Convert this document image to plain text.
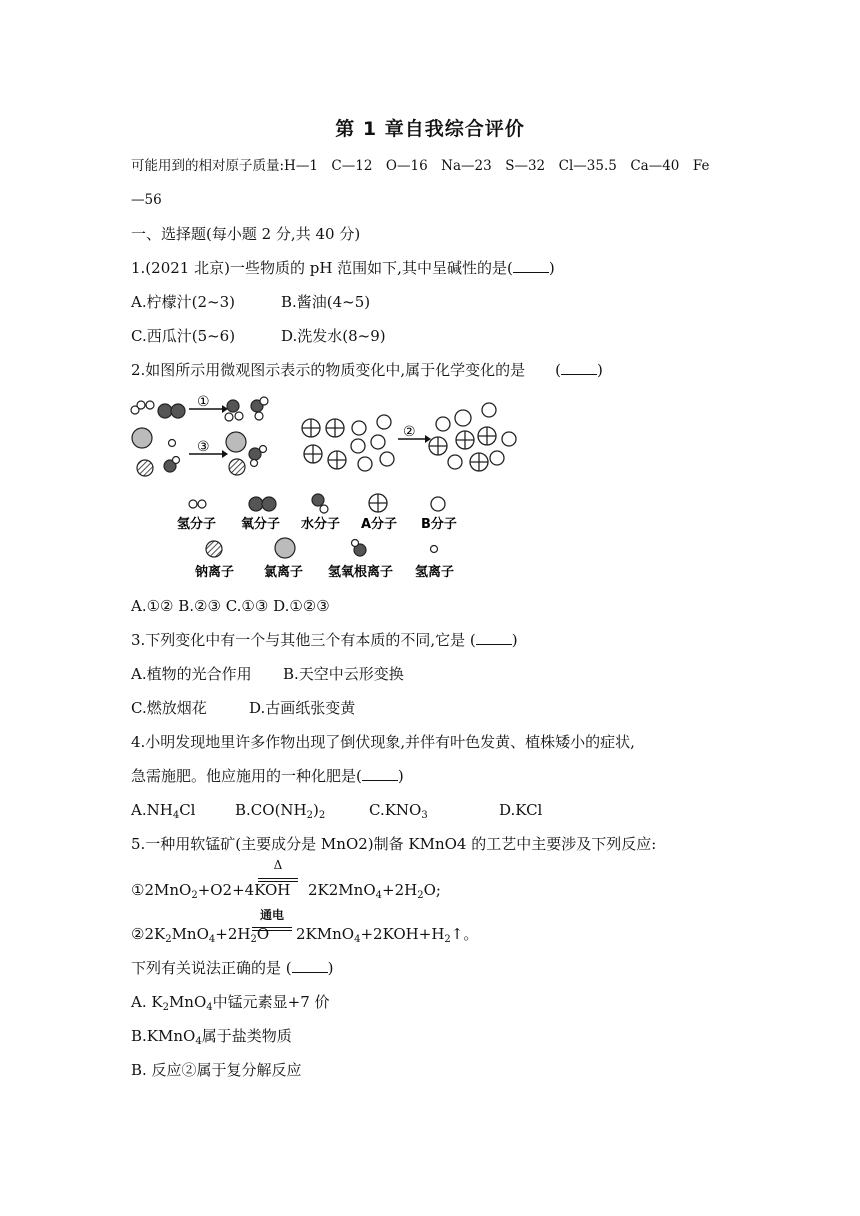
第 1 章自我综合评价
可能用到的相对原子质量:H—1　C—12　O—16　Na—23　S—32　Cl—35.5　Ca—40　Fe
—56
一、选择题(每小题 2 分,共 40 分)
1.(2021 北京)一些物质的 pH 范围如下,其中呈碱性的是( )
A.柠檬汁(2~3)	B.酱油(4~5)
C.西瓜汁(5~6)	D.洗发水(8~9)
2.如图所示用微观图示表示的物质变化中,属于化学变化的是　　( )
①
③
②
氢分子 氧分子 水分子 A分子 B分子
钠离子 氯离子 氢氧根离子 氢离子
A.①② B.②③ C.①③ D.①②③
3.下列变化中有一个与其他三个有本质的不同,它是 ( )
A.植物的光合作用 B.天空中云形变换
C.燃放烟花	D.古画纸张变黄
4.小明发现地里许多作物出现了倒伏现象,并伴有叶色发黄、植株矮小的症状,
急需施肥。他应施用的一种化肥是( )
$A.NH_4Cl$	$B.CO(NH_2)_2$	$C.KNO_3$	D.KCl
5.一种用软锰矿(主要成分是 MnO2)制备 KMnO4 的工艺中主要涉及下列反应:
①2MnO$_2$+O2+4KOH
Δ
$2K2MnO_4+2H_2O$;
$②2K_2MnO_4+2H_2O$
通电
$2KMnO_4+2KOH+H_2↑$。
下列有关说法正确的是 ( )
A. $K_2MnO_4$中锰元素显+7 价
B.KMnO$_4$属于盐类物质
B. 反应②属于复分解反应
